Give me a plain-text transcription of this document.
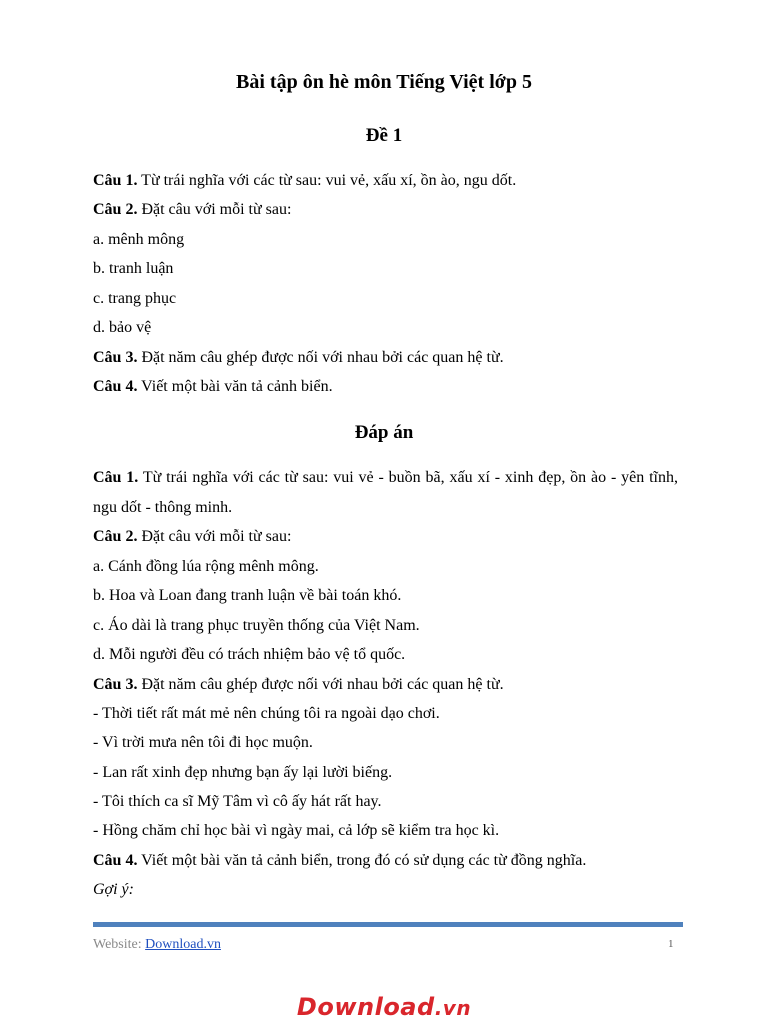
Bài tập ôn hè môn Tiếng Việt lớp 5
Đề 1
Câu 1. Từ trái nghĩa với các từ sau: vui vẻ, xấu xí, ồn ào, ngu dốt.
Câu 2. Đặt câu với mỗi từ sau:
a. mênh mông
b. tranh luận
c. trang phục
d. bảo vệ
Câu 3. Đặt năm câu ghép được nối với nhau bởi các quan hệ từ.
Câu 4. Viết một bài văn tả cảnh biển.
Đáp án
Câu 1. Từ trái nghĩa với các từ sau: vui vẻ - buồn bã, xấu xí - xinh đẹp, ồn ào - yên tĩnh, ngu dốt - thông minh.
Câu 2. Đặt câu với mỗi từ sau:
a. Cánh đồng lúa rộng mênh mông.
b. Hoa và Loan đang tranh luận về bài toán khó.
c. Áo dài là trang phục truyền thống của Việt Nam.
d. Mỗi người đều có trách nhiệm bảo vệ tổ quốc.
Câu 3. Đặt năm câu ghép được nối với nhau bởi các quan hệ từ.
- Thời tiết rất mát mẻ nên chúng tôi ra ngoài dạo chơi.
- Vì trời mưa nên tôi đi học muộn.
- Lan rất xinh đẹp nhưng bạn ấy lại lười biếng.
- Tôi thích ca sĩ Mỹ Tâm vì cô ấy hát rất hay.
- Hồng chăm chỉ học bài vì ngày mai, cả lớp sẽ kiểm tra học kì.
Câu 4. Viết một bài văn tả cảnh biển, trong đó có sử dụng các từ đồng nghĩa.
Gợi ý:
Website: Download.vn	1
Download.vn
